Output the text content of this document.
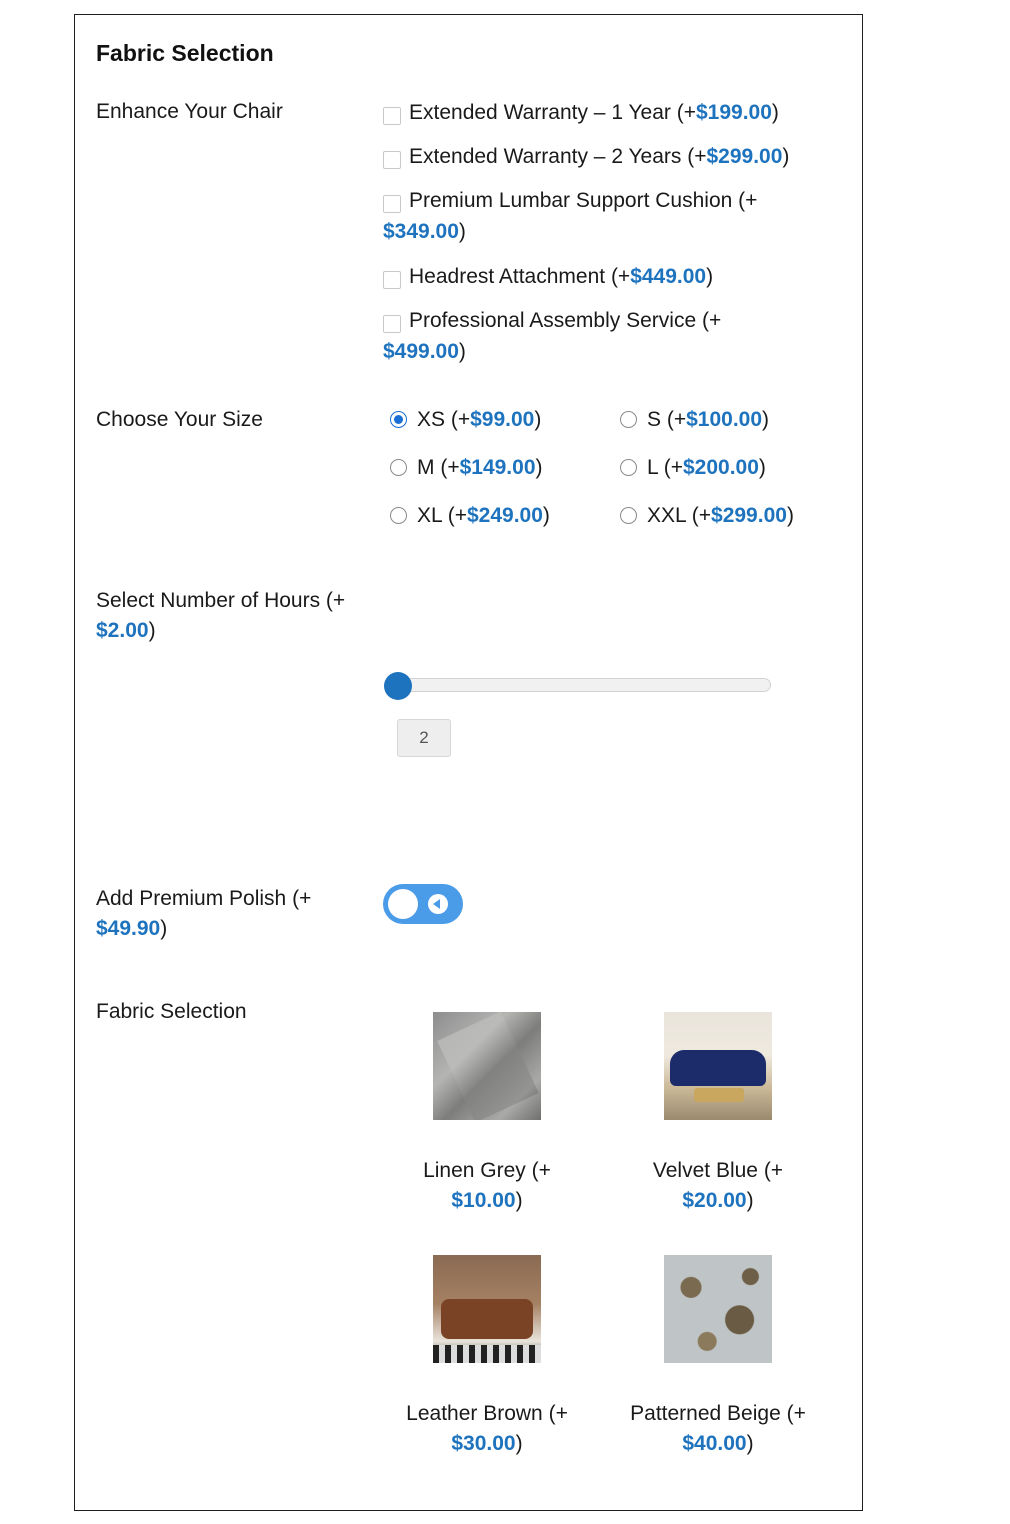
Fabric Selection
Enhance Your Chair	Extended Warranty – 1 Year (+$199.00)
Extended Warranty – 2 Years (+$299.00)
Premium Lumbar Support Cushion (+
$349.00)
Headrest Attachment (+$449.00)
Professional Assembly Service (+
$499.00)
Choose Your Size	XS (+$99.00)	S (+$100.00)
M (+$149.00)	L (+$200.00)
XL (+$249.00)	XXL (+$299.00)
Select Number of Hours (+
$2.00)
2
Add Premium Polish (+
$49.90)
Fabric Selection
Linen Grey (+
$10.00)
Velvet Blue (+
$20.00)
Leather Brown (+
$30.00)
Patterned Beige (+
$40.00)
